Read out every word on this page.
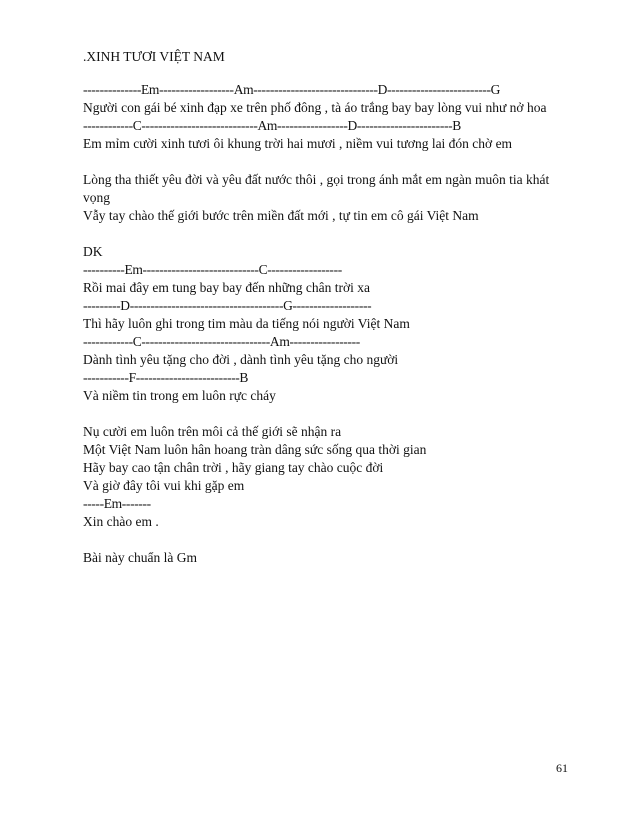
.XINH TƯƠI VIỆT NAM
--------------Em------------------Am------------------------------D-------------------------G
Người con gái bé xinh đạp xe trên phố đông , tà áo trắng bay bay lòng vui như nở hoa
------------C----------------------------Am-----------------D-----------------------B
Em mỉm cười xinh tươi ôi khung trời hai mươi , niềm vui tương lai đón chờ em
Lòng tha thiết yêu đời và yêu đất nước thôi , gọi trong ánh mắt em ngàn muôn tia khát vọng
Vẫy tay chào thế giới bước trên miền đất mới , tự tin em cô gái Việt Nam
DK
----------Em----------------------------C------------------
Rồi mai đây em tung bay bay đến những chân trời xa
---------D-------------------------------------G-------------------
Thì hãy luôn ghi trong tim màu da tiếng nói người Việt Nam
------------C-------------------------------Am-----------------
Dành tình yêu tặng cho đời , dành tình yêu tặng cho người
-----------F-------------------------B
Và niềm tin trong em luôn rực cháy
Nụ cười em luôn trên môi cả thế giới sẽ nhận ra
Một Việt Nam luôn hân hoang tràn dâng sức sống qua thời gian
Hãy bay cao tận chân trời , hãy giang tay chào cuộc đời
Và giờ đây tôi vui khi gặp em
-----Em-------
Xin chào em .
Bài này chuẩn là Gm
61
